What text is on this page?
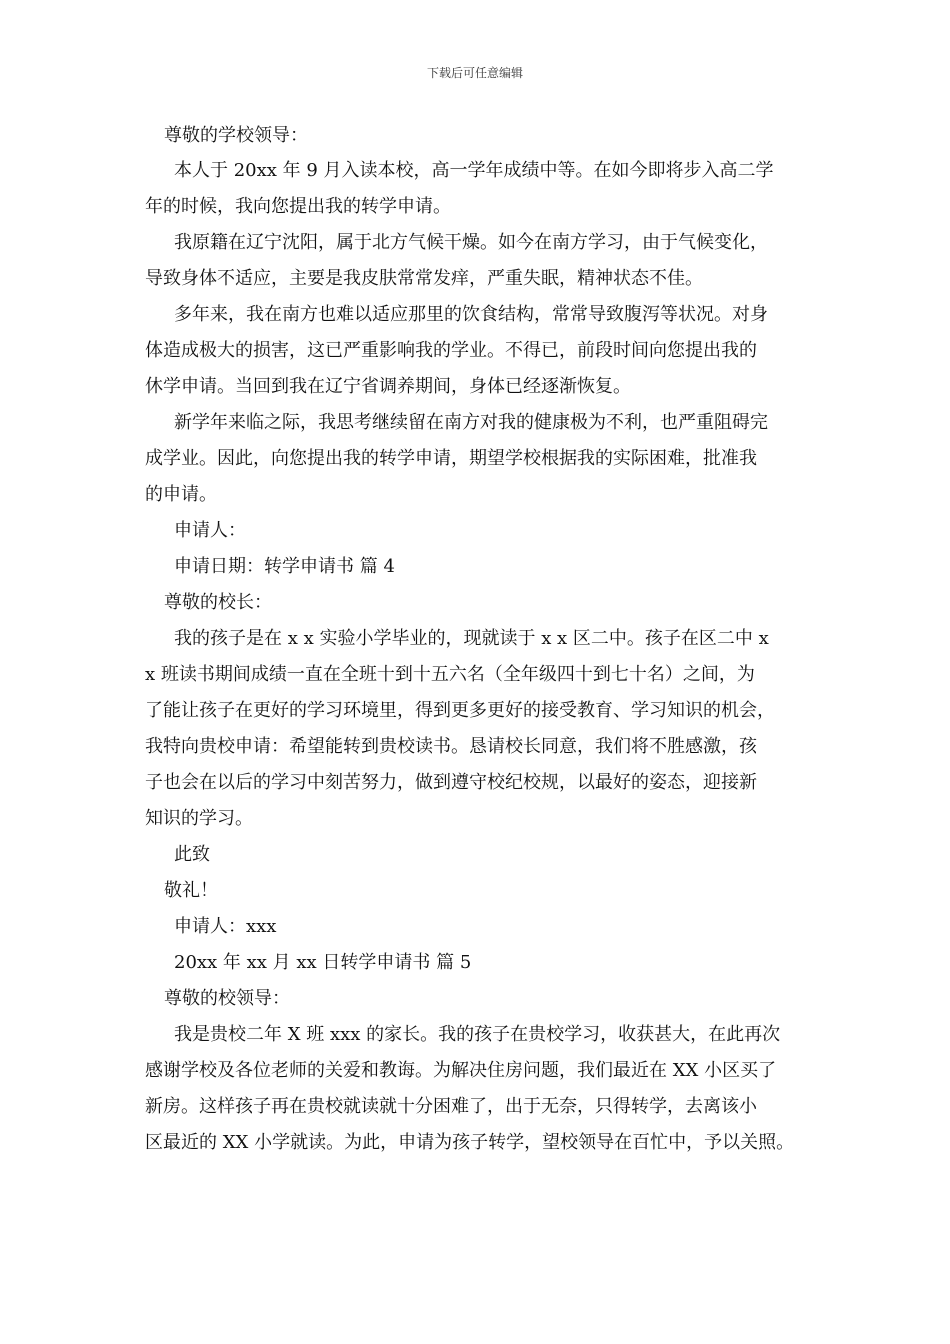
下载后可任意编辑
尊敬的学校领导：
本人于 20xx 年 9 月入读本校，高一学年成绩中等。在如今即将步入高二学
年的时候，我向您提出我的转学申请。
我原籍在辽宁沈阳，属于北方气候干燥。如今在南方学习，由于气候变化，
导致身体不适应，主要是我皮肤常常发痒，严重失眠，精神状态不佳。
多年来，我在南方也难以适应那里的饮食结构，常常导致腹泻等状况。对身
体造成极大的损害，这已严重影响我的学业。不得已，前段时间向您提出我的
休学申请。当回到我在辽宁省调养期间，身体已经逐渐恢复。
新学年来临之际，我思考继续留在南方对我的健康极为不利，也严重阻碍完
成学业。因此，向您提出我的转学申请，期望学校根据我的实际困难，批准我
的申请。
申请人：
申请日期：转学申请书 篇 4
尊敬的校长：
我的孩子是在 x x 实验小学毕业的，现就读于 x x 区二中。孩子在区二中 x
x 班读书期间成绩一直在全班十到十五六名（全年级四十到七十名）之间，为
了能让孩子在更好的学习环境里，得到更多更好的接受教育、学习知识的机会，
我特向贵校申请：希望能转到贵校读书。恳请校长同意，我们将不胜感激，孩
子也会在以后的学习中刻苦努力，做到遵守校纪校规，以最好的姿态，迎接新
知识的学习。
此致
敬礼！
申请人：xxx
20xx 年 xx 月 xx 日转学申请书 篇 5
尊敬的校领导：
我是贵校二年 X 班 xxx 的家长。我的孩子在贵校学习，收获甚大，在此再次
感谢学校及各位老师的关爱和教诲。为解决住房问题，我们最近在 XX 小区买了
新房。这样孩子再在贵校就读就十分困难了，出于无奈，只得转学，去离该小
区最近的 XX 小学就读。为此，申请为孩子转学，望校领导在百忙中，予以关照。
